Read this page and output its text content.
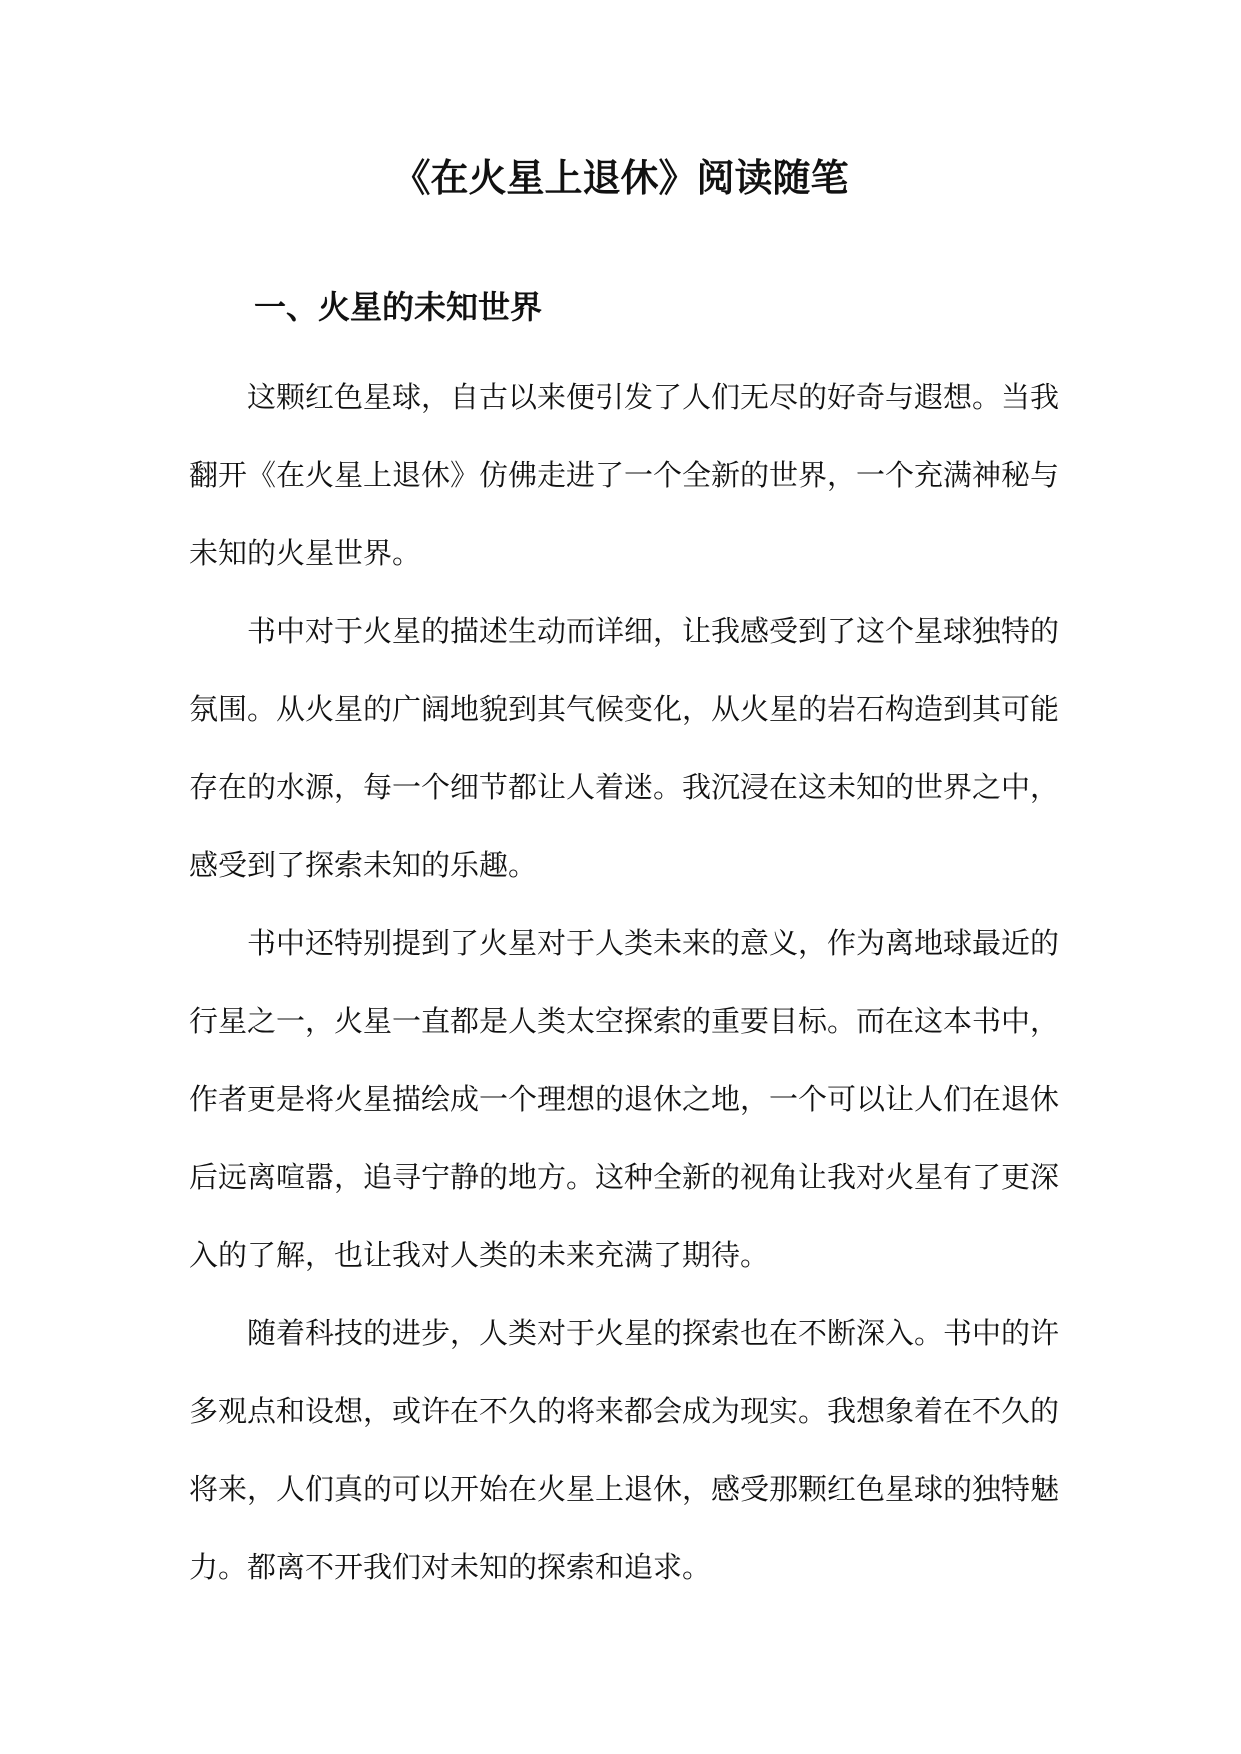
《在火星上退休》阅读随笔
一、火星的未知世界

这颗红色星球，自古以来便引发了人们无尽的好奇与遐想。当我翻开《在火星上退休》仿佛走进了一个全新的世界，一个充满神秘与未知的火星世界。

书中对于火星的描述生动而详细，让我感受到了这个星球独特的氛围。从火星的广阔地貌到其气候变化，从火星的岩石构造到其可能存在的水源，每一个细节都让人着迷。我沉浸在这未知的世界之中，感受到了探索未知的乐趣。

书中还特别提到了火星对于人类未来的意义，作为离地球最近的行星之一，火星一直都是人类太空探索的重要目标。而在这本书中，作者更是将火星描绘成一个理想的退休之地，一个可以让人们在退休后远离喧嚣，追寻宁静的地方。这种全新的视角让我对火星有了更深入的了解，也让我对人类的未来充满了期待。

随着科技的进步，人类对于火星的探索也在不断深入。书中的许多观点和设想，或许在不久的将来都会成为现实。我想象着在不久的将来，人们真的可以开始在火星上退休，感受那颗红色星球的独特魅力。都离不开我们对未知的探索和追求。
